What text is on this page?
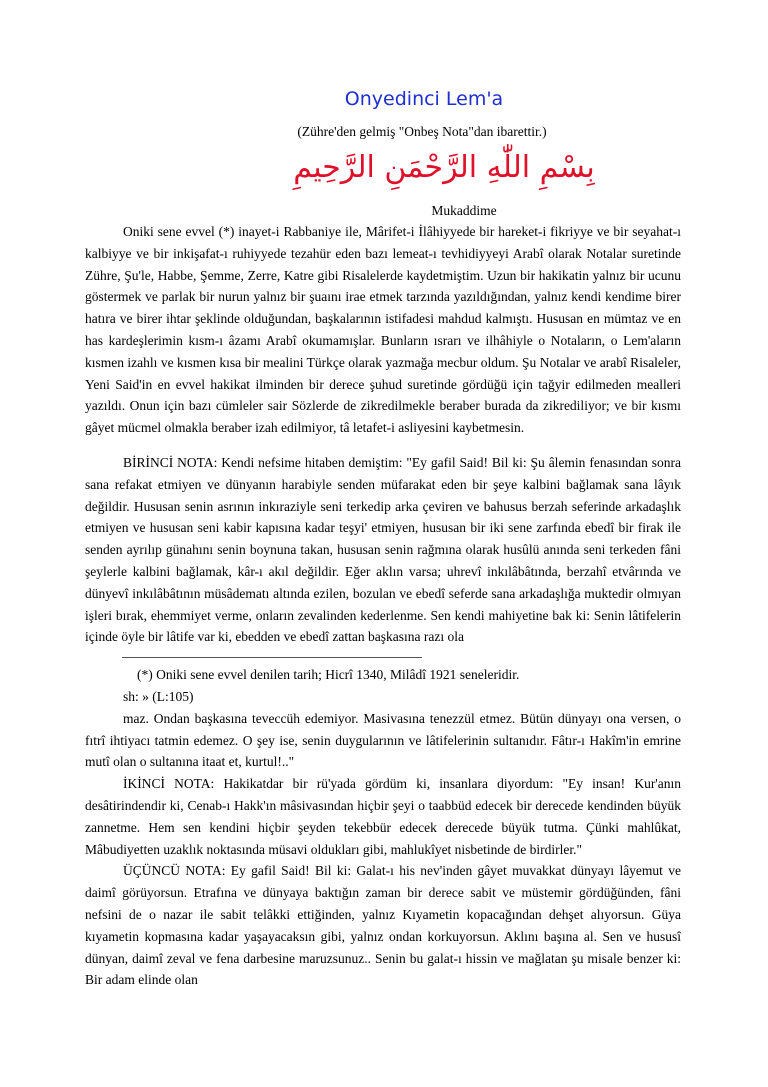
Onyedinci Lem'a
(Zühre'den gelmiş "Onbeş Nota"dan ibarettir.)
بِسْمِ اللّٰهِ الرَّحْمَنِ الرَّحِيمِ
Mukaddime

Oniki sene evvel (*) inayet-i Rabbaniye ile, Mârifet-i İlâhiyyede bir hareket-i fikriyye ve bir seyahat-ı kalbiyye ve bir inkişafat-ı ruhiyyede tezahür eden bazı lemeat-ı tevhidiyyeyi Arabî olarak Notalar suretinde Zühre, Şu'le, Habbe, Şemme, Zerre, Katre gibi Risalelerde kaydetmiştim. Uzun bir hakikatin yalnız bir ucunu göstermek ve parlak bir nurun yalnız bir şuaını irae etmek tarzında yazıldığından, yalnız kendi kendime birer hatıra ve birer ihtar şeklinde olduğundan, başkalarının istifadesi mahdud kalmıştı. Hususan en mümtaz ve en has kardeşlerimin kısm-ı âzamı Arabî okumamışlar. Bunların ısrarı ve ilhâhiyle o Notaların, o Lem'aların kısmen izahlı ve kısmen kısa bir mealini Türkçe olarak yazmağa mecbur oldum. Şu Notalar ve arabî Risaleler, Yeni Said'in en evvel hakikat ilminden bir derece şuhud suretinde gördüğü için tağyir edilmeden mealleri yazıldı. Onun için bazı cümleler sair Sözlerde de zikredilmekle beraber burada da zikrediliyor; ve bir kısmı gâyet mücmel olmakla beraber izah edilmiyor, tâ letafet-i asliyesini kaybetmesin.

BİRİNCİ NOTA: Kendi nefsime hitaben demiştim: "Ey gafil Said! Bil ki: Şu âlemin fenasından sonra sana refakat etmiyen ve dünyanın harabiyle senden müfarakat eden bir şeye kalbini bağlamak sana lâyık değildir. Hususan senin asrının inkıraziyle seni terkedip arka çeviren ve bahusus berzah seferinde arkadaşlık etmiyen ve hususan seni kabir kapısına kadar teşyi' etmiyen, hususan bir iki sene zarfında ebedî bir firak ile senden ayrılıp günahını senin boynuna takan, hususan senin rağmına olarak husûlü anında seni terkeden fâni şeylerle kalbini bağlamak, kâr-ı akıl değildir. Eğer aklın varsa; uhrevî inkılâbâtında, berzahî etvârında ve dünyevî inkılâbâtının müsâdematı altında ezilen, bozulan ve ebedî seferde sana arkadaşlığa muktedir olmıyan işleri bırak, ehemmiyet verme, onların zevalinden kederlenme. Sen kendi mahiyetine bak ki: Senin lâtifelerin içinde öyle bir lâtife var ki, ebedden ve ebedî zattan başkasına razı ola

(*) Oniki sene evvel denilen tarih; Hicrî 1340, Milâdî 1921 seneleridir.

sh: » (L:105)

maz. Ondan başkasına teveccüh edemiyor. Masivasına tenezzül etmez. Bütün dünyayı ona versen, o fıtrî ihtiyacı tatmin edemez. O şey ise, senin duygularının ve lâtifelerinin sultanıdır. Fâtır-ı Hakîm'in emrine mutî olan o sultanına itaat et, kurtul!.."

İKİNCİ NOTA: Hakikatdar bir rü'yada gördüm ki, insanlara diyordum: "Ey insan! Kur'anın desâtirindendir ki, Cenab-ı Hakk'ın mâsivasından hiçbir şeyi o taabbüd edecek bir derecede kendinden büyük zannetme. Hem sen kendini hiçbir şeyden tekebbür edecek derecede büyük tutma. Çünki mahlûkat, Mâbudiyetten uzaklık noktasında müsavi oldukları gibi, mahlukîyet nisbetinde de birdirler."

ÜÇÜNCÜ NOTA: Ey gafil Said! Bil ki: Galat-ı his nev'inden gâyet muvakkat dünyayı lâyemut ve daimî görüyorsun. Etrafına ve dünyaya baktığın zaman bir derece sabit ve müstemir gördüğünden, fâni nefsini de o nazar ile sabit telâkki ettiğinden, yalnız Kıyametin kopacağından dehşet alıyorsun. Güya kıyametin kopmasına kadar yaşayacaksın gibi, yalnız ondan korkuyorsun. Aklını başına al. Sen ve hususî dünyan, daimî zeval ve fena darbesine maruzsunuz.. Senin bu galat-ı hissin ve mağlatan şu misale benzer ki: Bir adam elinde olan
